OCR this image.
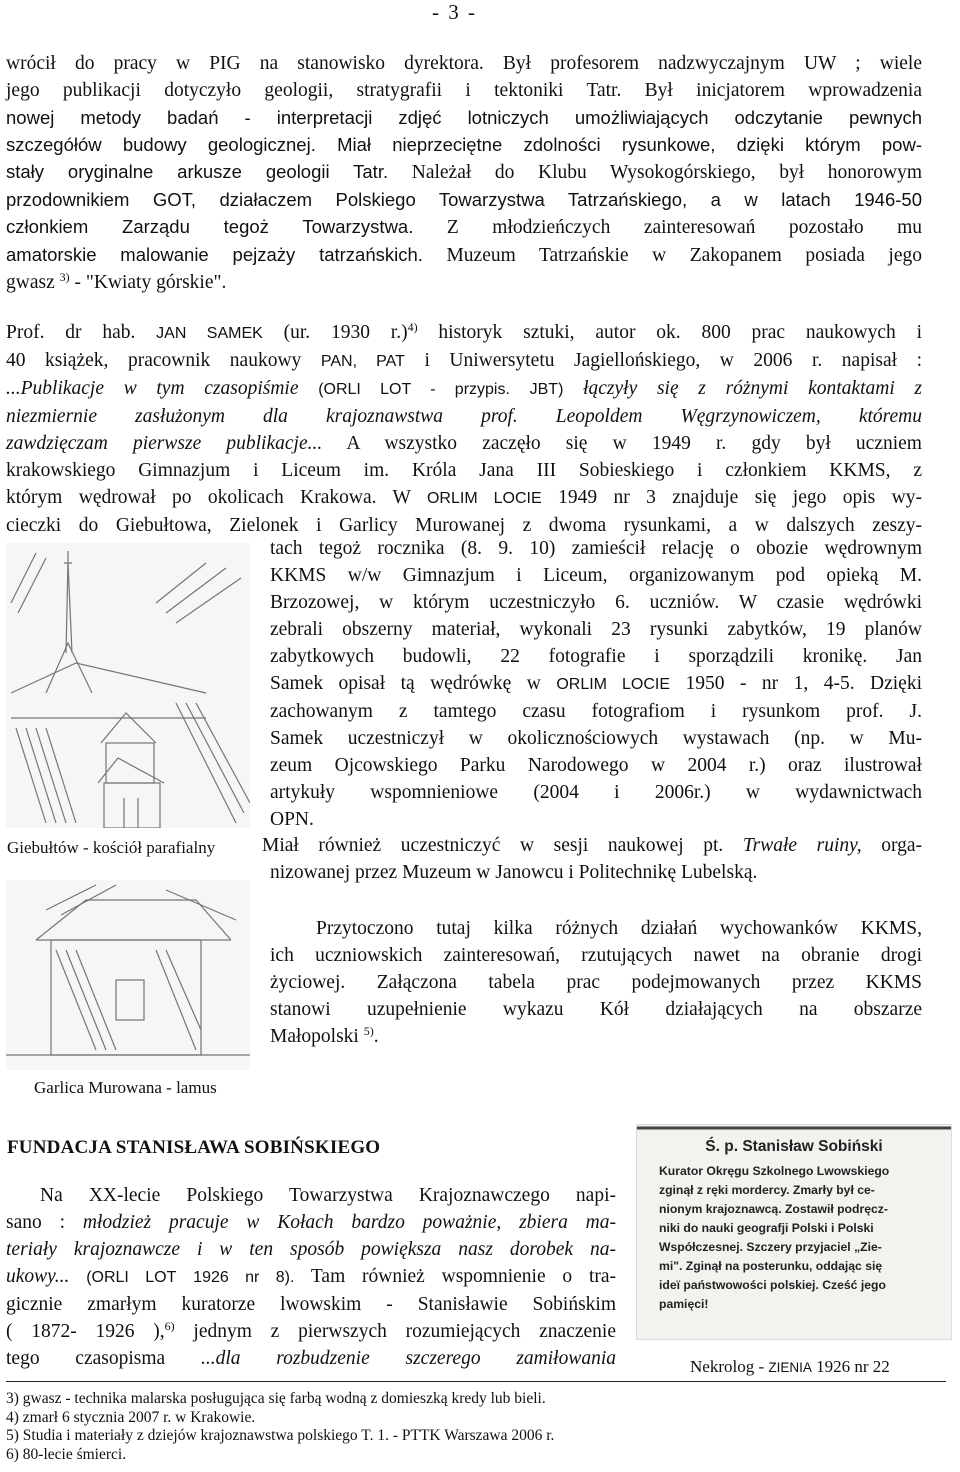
- 3 -
wrócił do pracy w PIG na stanowisko dyrektora. Był profesorem nadzwyczajnym UW ; wiele
jego publikacji dotyczyło geologii, stratygrafii i tektoniki Tatr. Był inicjatorem wprowadzenia
nowej metody badań - interpretacji zdjęć lotniczych umożliwiających odczytanie pewnych
szczegółów budowy geologicznej. Miał nieprzeciętne zdolności rysunkowe, dzięki którym pow-
stały oryginalne arkusze geologii Tatr. Należał do Klubu Wysokogórskiego, był honorowym
przodownikiem GOT, działaczem Polskiego Towarzystwa Tatrzańskiego, a w latach 1946-50
członkiem Zarządu tegoż Towarzystwa. Z młodzieńczych zainteresowań pozostało mu
amatorskie malowanie pejzaży tatrzańskich. Muzeum Tatrzańskie w Zakopanem posiada jego
gwasz $^{3)}$ - "Kwiaty górskie".
Prof. dr hab. JAN SAMEK (ur. 1930 r.)$^{4)}$ historyk sztuki, autor ok. 800 prac naukowych i
40 książek, pracownik naukowy PAN, PAT i Uniwersytetu Jagiellońskiego, w 2006 r. napisał :
...Publikacje w tym czasopiśmie (ORLI LOT - przypis. JBT) łączyły się z różnymi kontaktami z
niezmiernie zasłużonym dla krajoznawstwa prof. Leopoldem Węgrzynowiczem, któremu
zawdzięczam pierwsze publikacje... A wszystko zaczęło się w 1949 r. gdy był uczniem
krakowskiego Gimnazjum i Liceum im. Króla Jana III Sobieskiego i członkiem KKMS, z
którym wędrował po okolicach Krakowa. W ORLIM LOCIE 1949 nr 3 znajduje się jego opis wy-
cieczki do Giebułtowa, Zielonek i Garlicy Murowanej z dwoma rysunkami, a w dalszych zeszy-
tach tegoż rocznika (8. 9. 10) zamieścił relację o obozie wędrownym
KKMS w/w Gimnazjum i Liceum, organizowanym pod opieką M.
Brzozowej, w którym uczestniczyło 6. uczniów. W czasie wędrówki
zebrali obszerny materiał, wykonali 23 rysunki zabytków, 19 planów
zabytkowych budowli, 22 fotografie i sporządzili kronikę. Jan
Samek opisał tą wędrówkę w ORLIM LOCIE 1950 - nr 1, 4-5. Dzięki
zachowanym z tamtego czasu fotografiom i rysunkom prof. J.
Samek uczestniczył w okolicznościowych wystawach (np. w Mu-
zeum Ojcowskiego Parku Narodowego w 2004 r.) oraz ilustrował
artykuły wspomnieniowe (2004 i 2006r.) w wydawnictwach
OPN.
Miał również uczestniczyć w sesji naukowej pt. Trwałe ruiny, orga-
nizowanej przez Muzeum w Janowcu i Politechnikę Lubelską.
Giebułtów - kościół parafialny
Przytoczono tutaj kilka różnych działań wychowanków KKMS,
ich uczniowskich zainteresowań, rzutujących nawet na obranie drogi
życiowej. Załączona tabela prac podejmowanych przez KKMS
stanowi uzupełnienie wykazu Kół działających na obszarze
Małopolski $^{5)}$.
Garlica Murowana - lamus
FUNDACJA STANISŁAWA SOBIŃSKIEGO
Na XX-lecie Polskiego Towarzystwa Krajoznawczego napi-
sano : młodzież pracuje w Kołach bardzo poważnie, zbiera ma-
teriały krajoznawcze i w ten sposób powiększa nasz dorobek na-
ukowy... (ORLI LOT 1926 nr 8). Tam również wspomnienie o tra-
gicznie zmarłym kuratorze lwowskim - Stanisławie Sobińskim
( 1872- 1926 ),$^{6)}$ jednym z pierwszych rozumiejących znaczenie
tego czasopisma ...dla rozbudzenie szczerego zamiłowania
Ś. p. Stanisław Sobiński
Kurator Okręgu Szkolnego Lwowskiego
zginął z ręki mordercy. Zmarły był ce-
nionym krajoznawcą. Zostawił podręcz-
niki do nauki geografji Polski i Polski
Współczesnej. Szczery przyjaciel „Zie-
mi". Zginął na posterunku, oddając się
ideï państwowości polskiej. Cześć jego
pamięci!
Nekrolog - ZIENIA 1926 nr 22
3) gwasz - technika malarska posługująca się farbą wodną z domieszką kredy lub bieli.
4) zmarł 6 stycznia 2007 r. w Krakowie.
5) Studia i materiały z dziejów krajoznawstwa polskiego T. 1. - PTTK Warszawa 2006 r.
6) 80-lecie śmierci.
